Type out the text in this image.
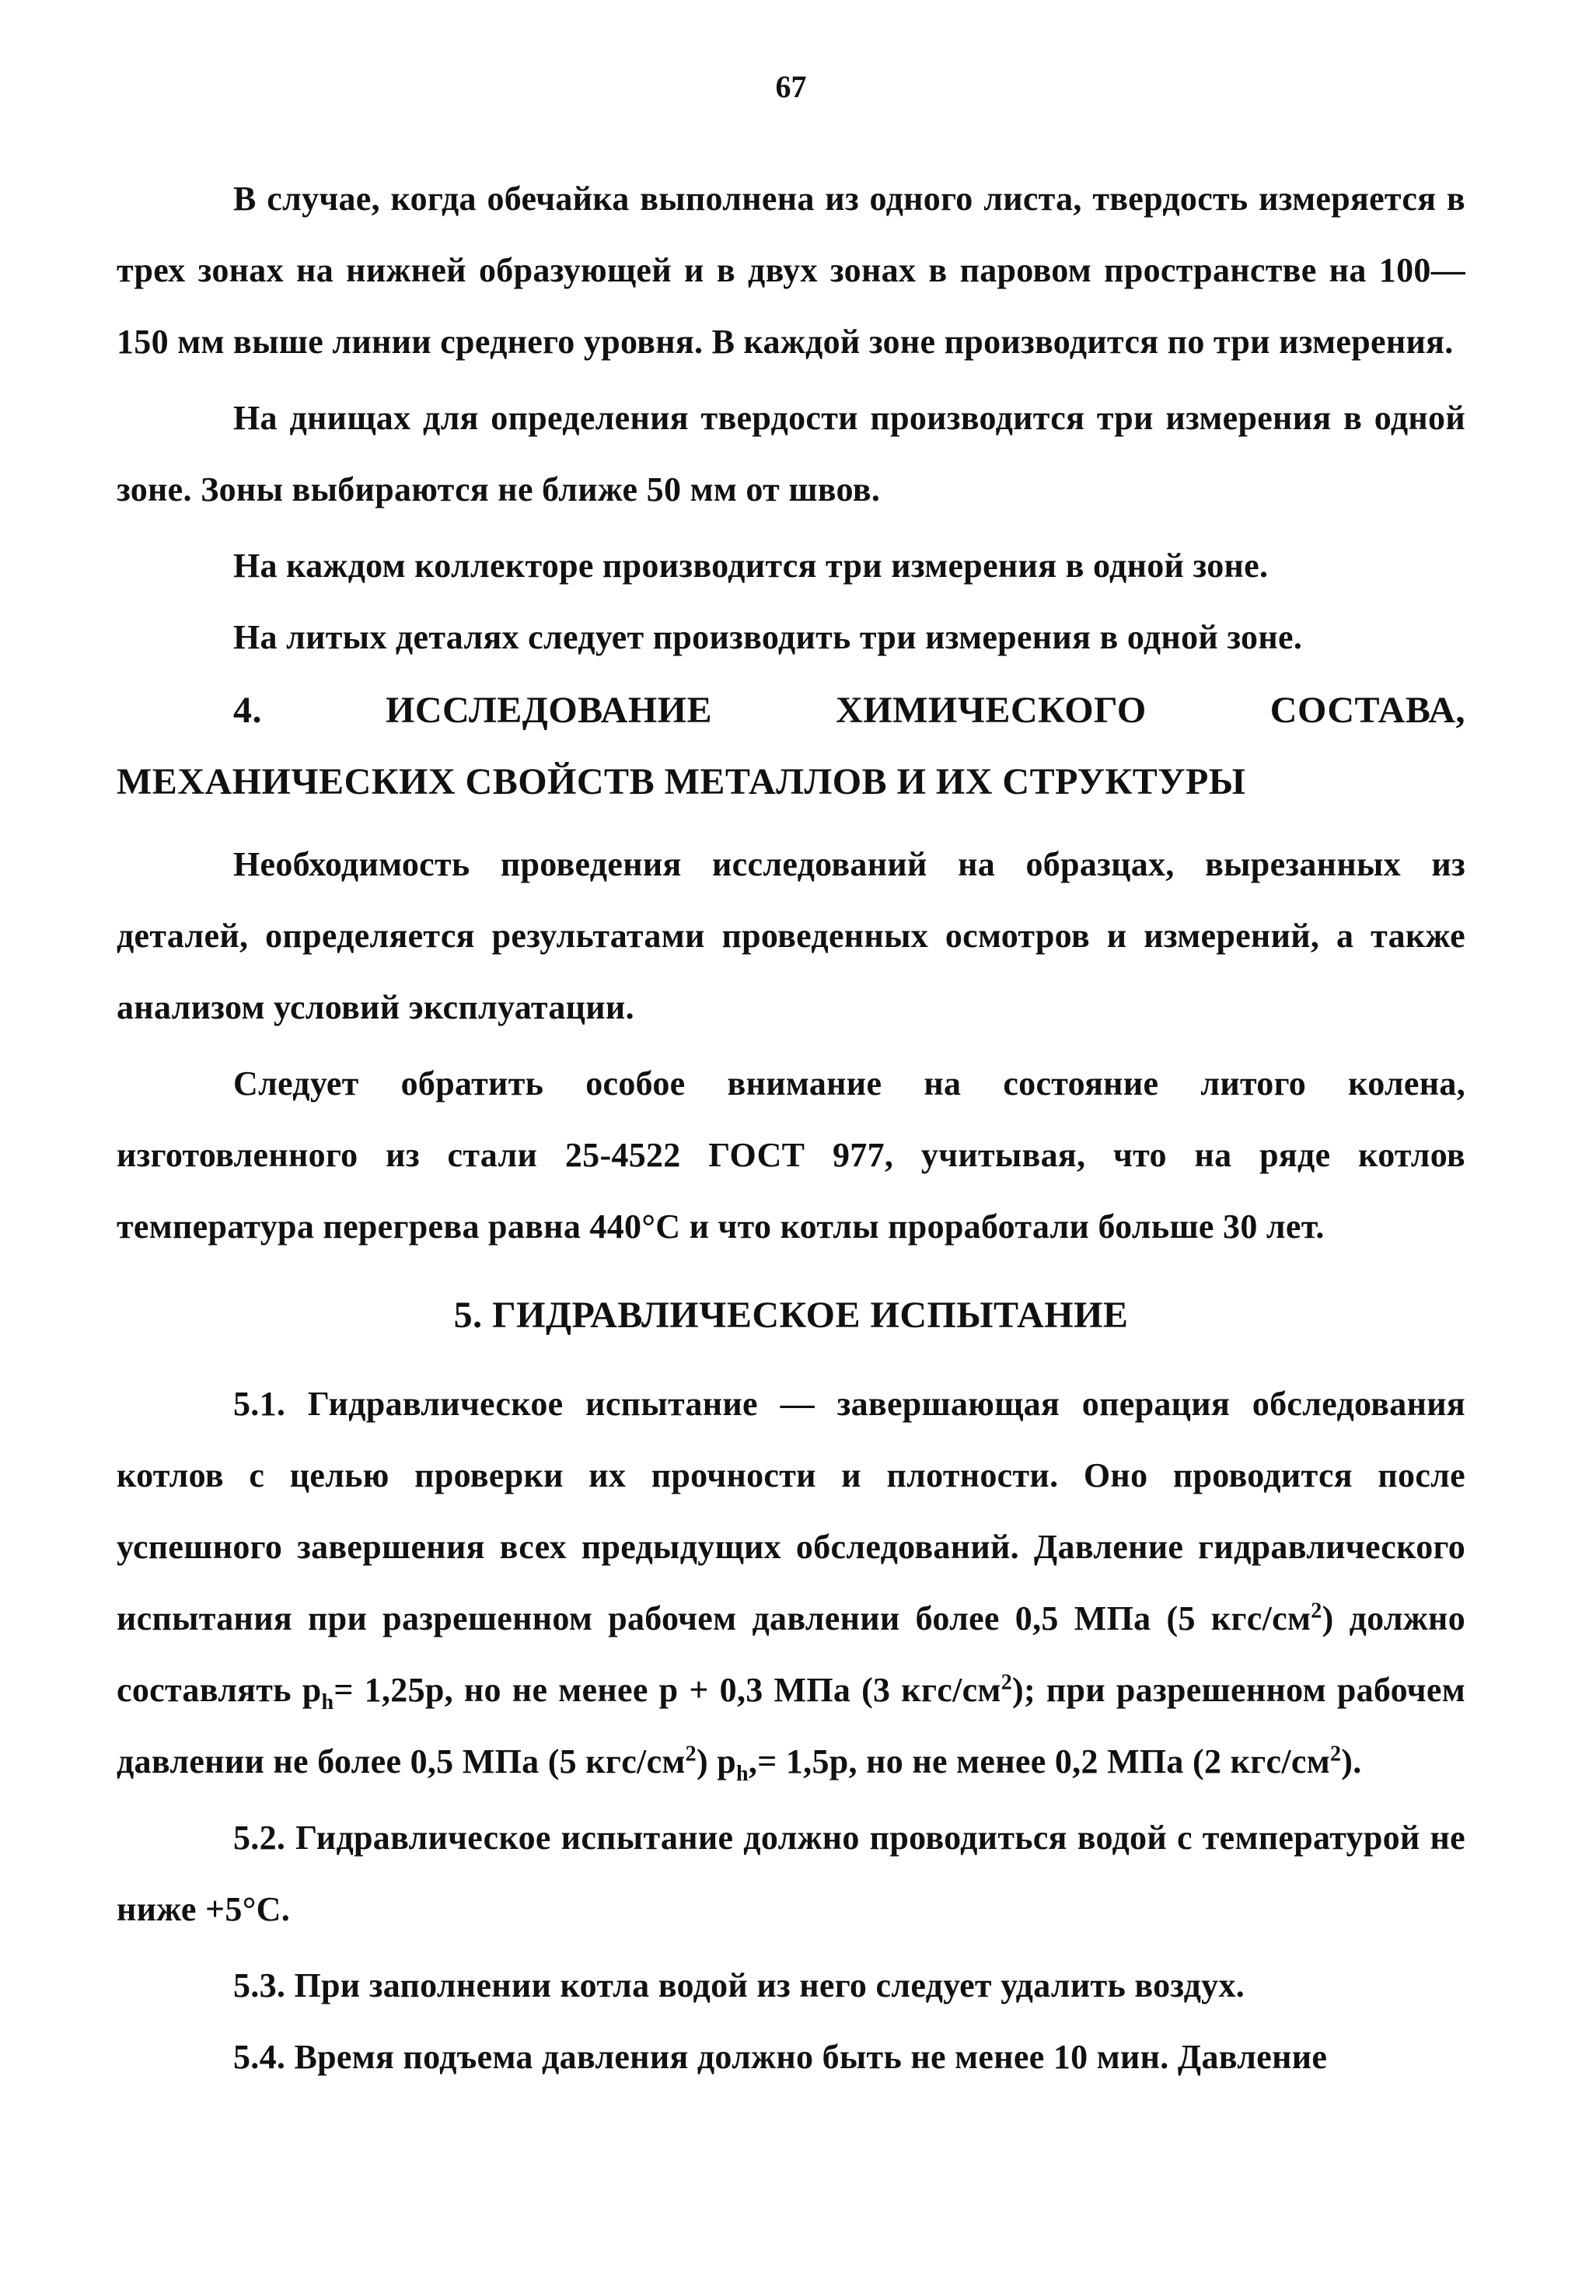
67

В случае, когда обечайка выполнена из одного листа, твердость измеряется в трех зонах на нижней образующей и в двух зонах в паровом пространстве на 100—150 мм выше линии среднего уровня. В каждой зоне производится по три измерения.

На днищах для определения твердости производится три измерения в одной зоне. Зоны выбираются не ближе 50 мм от швов.

На каждом коллекторе производится три измерения в одной зоне.

На литых деталях следует производить три измерения в одной зоне.

4. ИССЛЕДОВАНИЕ ХИМИЧЕСКОГО СОСТАВА, МЕХАНИЧЕСКИХ СВОЙСТВ МЕТАЛЛОВ И ИХ СТРУКТУРЫ

Необходимость проведения исследований на образцах, вырезанных из деталей, определяется результатами проведенных осмотров и измерений, а также анализом условий эксплуатации.

Следует обратить особое внимание на состояние литого колена, изготовленного из стали 25-4522 ГОСТ 977, учитывая, что на ряде котлов температура перегрева равна 440°С и что котлы проработали больше 30 лет.

5. ГИДРАВЛИЧЕСКОЕ ИСПЫТАНИЕ

5.1. Гидравлическое испытание — завершающая операция обследования котлов с целью проверки их прочности и плотности. Оно проводится после успешного завершения всех предыдущих обследований. Давление гидравлического испытания при разрешенном рабочем давлении более 0,5 МПа (5 кгс/$см^2$) должно составлять $p_h= 1,25p$, но не менее p + 0,3 МПа (3 кгс/$см^2$); при разрешенном рабочем давлении не более 0,5 МПа (5 кгс/$см^2$) $p_h,= 1,5p$, но не менее 0,2 МПа (2 кгс/$см^2$).

5.2. Гидравлическое испытание должно проводиться водой с температурой не ниже +5°С.

5.3. При заполнении котла водой из него следует удалить воздух.

5.4. Время подъема давления должно быть не менее 10 мин. Давление
